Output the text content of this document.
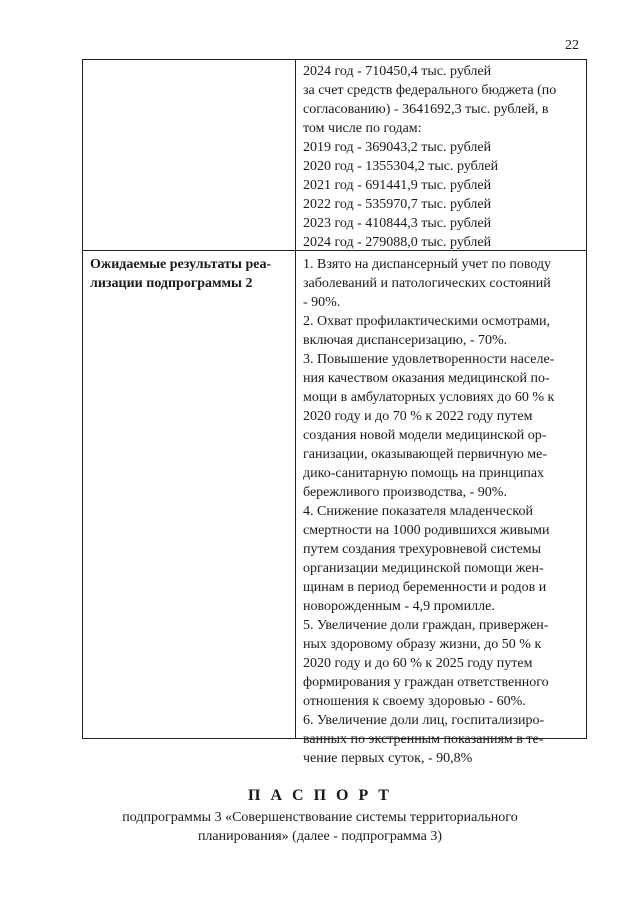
22
2024 год - 710450,4 тыс. рублей
за счет средств федерального бюджета (по
согласованию) - 3641692,3 тыс. рублей, в
том числе по годам:
2019 год - 369043,2 тыс. рублей
2020 год - 1355304,2 тыс. рублей
2021 год - 691441,9 тыс. рублей
2022 год - 535970,7 тыс. рублей
2023 год - 410844,3 тыс. рублей
2024 год - 279088,0 тыс. рублей
Ожидаемые результаты реа-
лизации подпрограммы 2
1. Взято на диспансерный учет по поводу
заболеваний и патологических состояний
- 90%.
2. Охват профилактическими осмотрами,
включая диспансеризацию, - 70%.
3. Повышение удовлетворенности населе-
ния качеством оказания медицинской по-
мощи в амбулаторных условиях до 60 % к
2020 году и до 70 % к 2022 году путем
создания новой модели медицинской ор-
ганизации, оказывающей первичную ме-
дико-санитарную помощь на принципах
бережливого производства, - 90%.
4. Снижение показателя младенческой
смертности на 1000 родившихся живыми
путем создания трехуровневой системы
организации медицинской помощи жен-
щинам в период беременности и родов и
новорожденным - 4,9 промилле.
5. Увеличение доли граждан, привержен-
ных здоровому образу жизни, до 50 % к
2020 году и до 60 % к 2025 году путем
формирования у граждан ответственного
отношения к своему здоровью - 60%.
6. Увеличение доли лиц, госпитализиро-
ванных по экстренным показаниям в те-
чение первых суток, - 90,8%
П А С П О Р Т
подпрограммы 3 «Совершенствование системы территориального
планирования» (далее - подпрограмма 3)
